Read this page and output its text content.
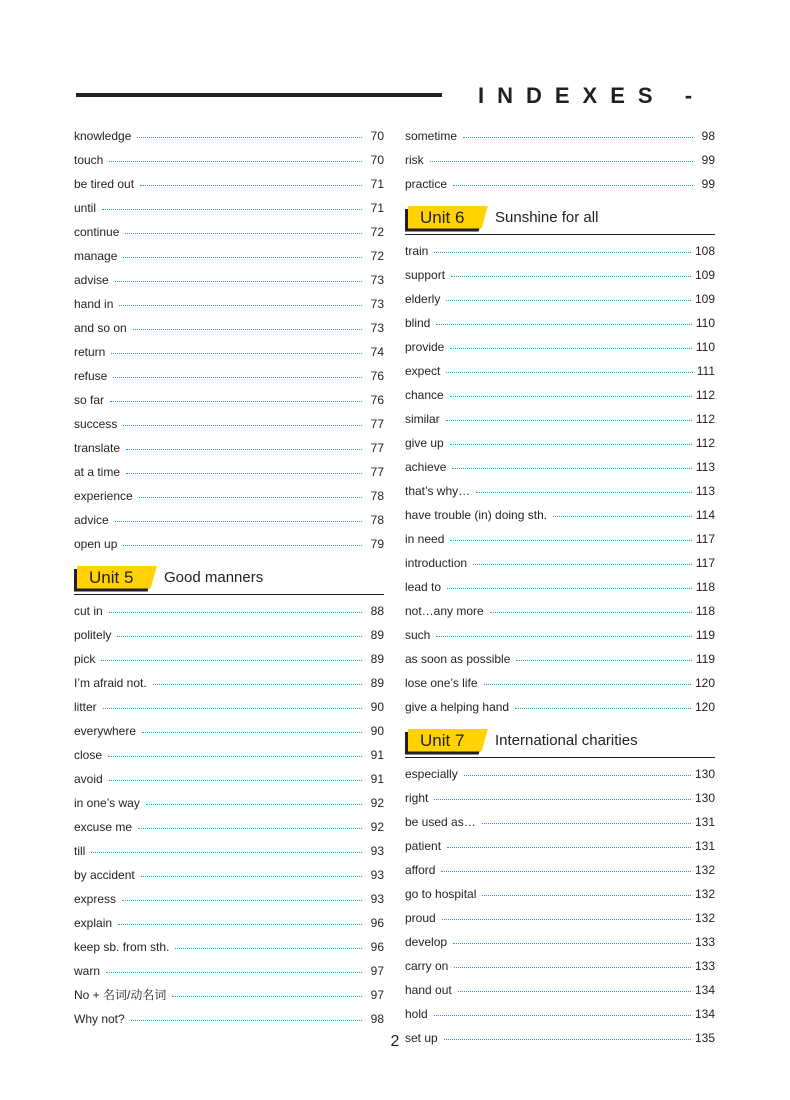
INDEXES -
knowledge	70
touch	70
be tired out	71
until	71
continue	72
manage	72
advise	73
hand in	73
and so on	73
return	74
refuse	76
so far	76
success	77
translate	77
at a time	77
experience	78
advice	78
open up	79
Unit 5 Good manners
cut in	88
politely	89
pick	89
I’m afraid not.	89
litter	90
everywhere	90
close	91
avoid	91
in one’s way	92
excuse me	92
till	93
by accident	93
express	93
explain	96
keep sb. from sth.	96
warn	97
No + 名词/动名词	97
Why not?	98
sometime	98
risk	99
practice	99
Unit 6 Sunshine for all
train	108
support	109
elderly	109
blind	110
provide	110
expect	111
chance	112
similar	112
give up	112
achieve	113
that’s why…	113
have trouble (in) doing sth.	114
in need	117
introduction	117
lead to	118
not…any more	118
such	119
as soon as possible	119
lose one’s life	120
give a helping hand	120
Unit 7 International charities
especially	130
right	130
be used as…	131
patient	131
afford	132
go to hospital	132
proud	132
develop	133
carry on	133
hand out	134
hold	134
set up	135
2
